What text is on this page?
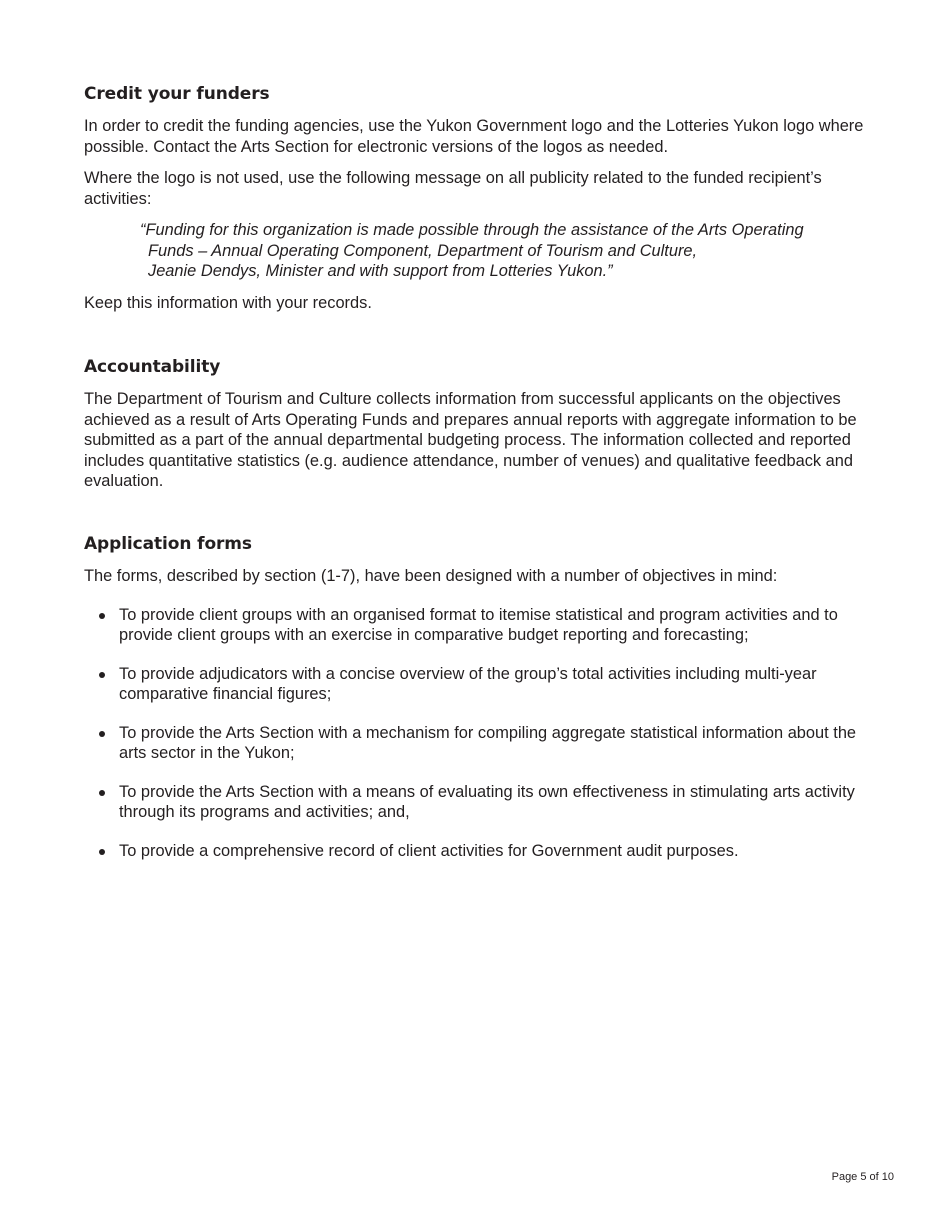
Credit your funders

In order to credit the funding agencies, use the Yukon Government logo and the Lotteries Yukon logo where possible. Contact the Arts Section for electronic versions of the logos as needed.

Where the logo is not used, use the following message on all publicity related to the funded recipient’s activities:

“Funding for this organization is made possible through the assistance of the Arts Operating
Funds – Annual Operating Component, Department of Tourism and Culture,
Jeanie Dendys, Minister and with support from Lotteries Yukon.”

Keep this information with your records.

Accountability

The Department of Tourism and Culture collects information from successful applicants on the objectives achieved as a result of Arts Operating Funds and prepares annual reports with aggregate information to be submitted as a part of the annual departmental budgeting process. The information collected and reported includes quantitative statistics (e.g. audience attendance, number of venues) and qualitative feedback and evaluation.

Application forms

The forms, described by section (1-7), have been designed with a number of objectives in mind:

To provide client groups with an organised format to itemise statistical and program activities and to provide client groups with an exercise in comparative budget reporting and forecasting;
To provide adjudicators with a concise overview of the group’s total activities including multi-year comparative financial figures;
To provide the Arts Section with a mechanism for compiling aggregate statistical information about the arts sector in the Yukon;
To provide the Arts Section with a means of evaluating its own effectiveness in stimulating arts activity through its programs and activities; and,
To provide a comprehensive record of client activities for Government audit purposes.
Page 5 of 10
